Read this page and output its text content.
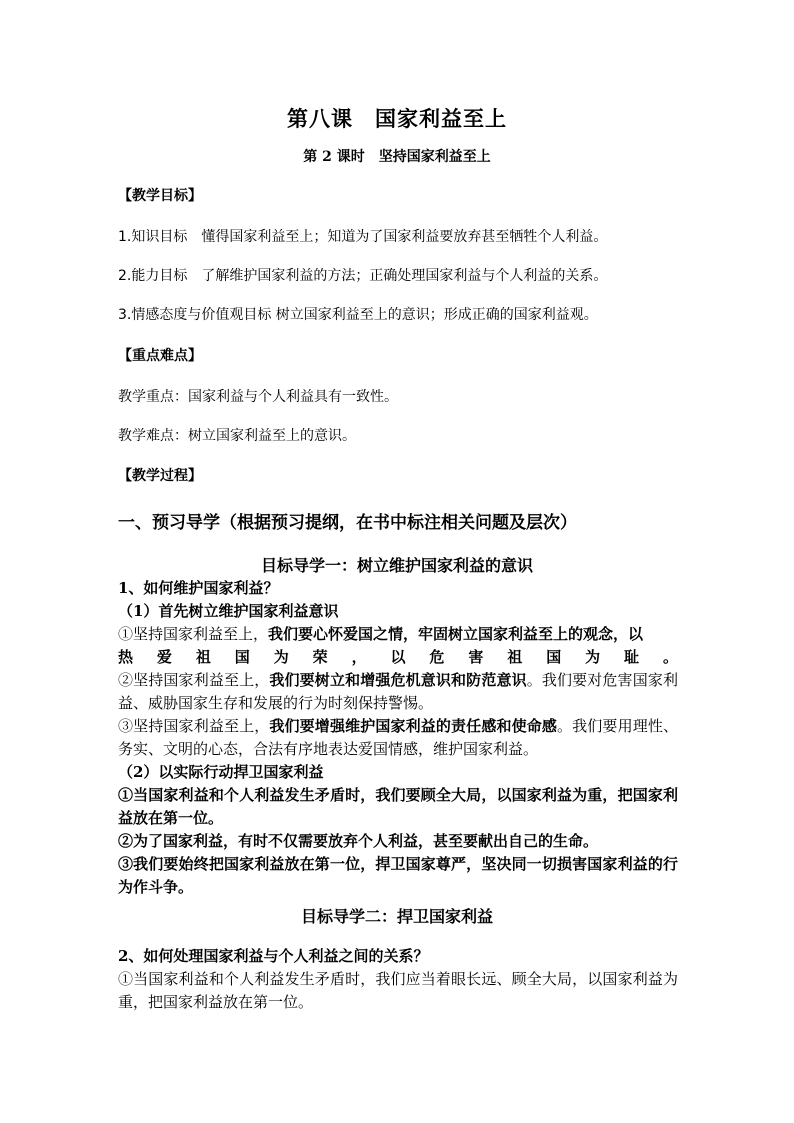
第八课　国家利益至上
第 2 课时　坚持国家利益至上
【教学目标】
1.知识目标　懂得国家利益至上；知道为了国家利益要放弃甚至牺牲个人利益。
2.能力目标　了解维护国家利益的方法；正确处理国家利益与个人利益的关系。
3.情感态度与价值观目标 树立国家利益至上的意识；形成正确的国家利益观。
【重点难点】
教学重点：国家利益与个人利益具有一致性。
教学难点：树立国家利益至上的意识。
【教学过程】
一、预习导学（根据预习提纲，在书中标注相关问题及层次）
目标导学一：树立维护国家利益的意识

1、如何维护国家利益？

（1）首先树立维护国家利益意识

①坚持国家利益至上，我们要心怀爱国之情，牢固树立国家利益至上的观念，以

热 爱 祖 国 为 荣 ， 以 危 害 祖 国 为 耻 。

②坚持国家利益至上，我们要树立和增强危机意识和防范意识。我们要对危害国家利益、威胁国家生存和发展的行为时刻保持警惕。

③坚持国家利益至上，我们要增强维护国家利益的责任感和使命感。我们要用理性、务实、文明的心态，合法有序地表达爱国情感，维护国家利益。

（2）以实际行动捍卫国家利益

①当国家利益和个人利益发生矛盾时，我们要顾全大局，以国家利益为重，把国家利益放在第一位。

②为了国家利益，有时不仅需要放弃个人利益，甚至要献出自己的生命。

③我们要始终把国家利益放在第一位，捍卫国家尊严，坚决同一切损害国家利益的行为作斗争。

目标导学二：捍卫国家利益

2、如何处理国家利益与个人利益之间的关系？

①当国家利益和个人利益发生矛盾时，我们应当着眼长远、顾全大局，以国家利益为重，把国家利益放在第一位。
